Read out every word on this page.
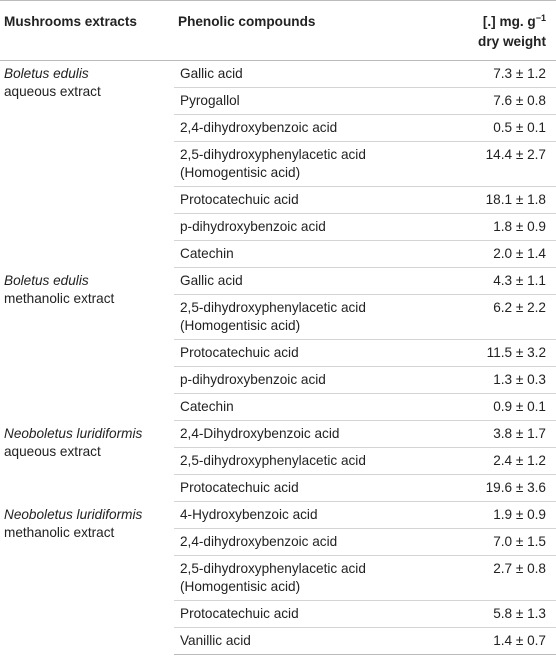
Mushrooms extracts	Phenolic compounds	[.] mg. $g^{-1}$
dry weight
Boletus edulis
aqueous extract	Gallic acid	7.3 ± 1.2
	Pyrogallol	7.6 ± 0.8
	2,4-dihydroxybenzoic acid	0.5 ± 0.1
	2,5-dihydroxyphenylacetic acid (Homogentisic acid)	14.4 ± 2.7
	Protocatechuic acid	18.1 ± 1.8
	p-dihydroxybenzoic acid	1.8 ± 0.9
	Catechin	2.0 ± 1.4
Boletus edulis
methanolic extract	Gallic acid	4.3 ± 1.1
	2,5-dihydroxyphenylacetic acid (Homogentisic acid)	6.2 ± 2.2
	Protocatechuic acid	11.5 ± 3.2
	p-dihydroxybenzoic acid	1.3 ± 0.3
	Catechin	0.9 ± 0.1
Neoboletus luridiformis
aqueous extract	2,4-Dihydroxybenzoic acid	3.8 ± 1.7
	2,5-dihydroxyphenylacetic acid	2.4 ± 1.2
	Protocatechuic acid	19.6 ± 3.6
Neoboletus luridiformis
methanolic extract	4-Hydroxybenzoic acid	1.9 ± 0.9
	2,4-dihydroxybenzoic acid	7.0 ± 1.5
	2,5-dihydroxyphenylacetic acid (Homogentisic acid)	2.7 ± 0.8
	Protocatechuic acid	5.8 ± 1.3
	Vanillic acid	1.4 ± 0.7
